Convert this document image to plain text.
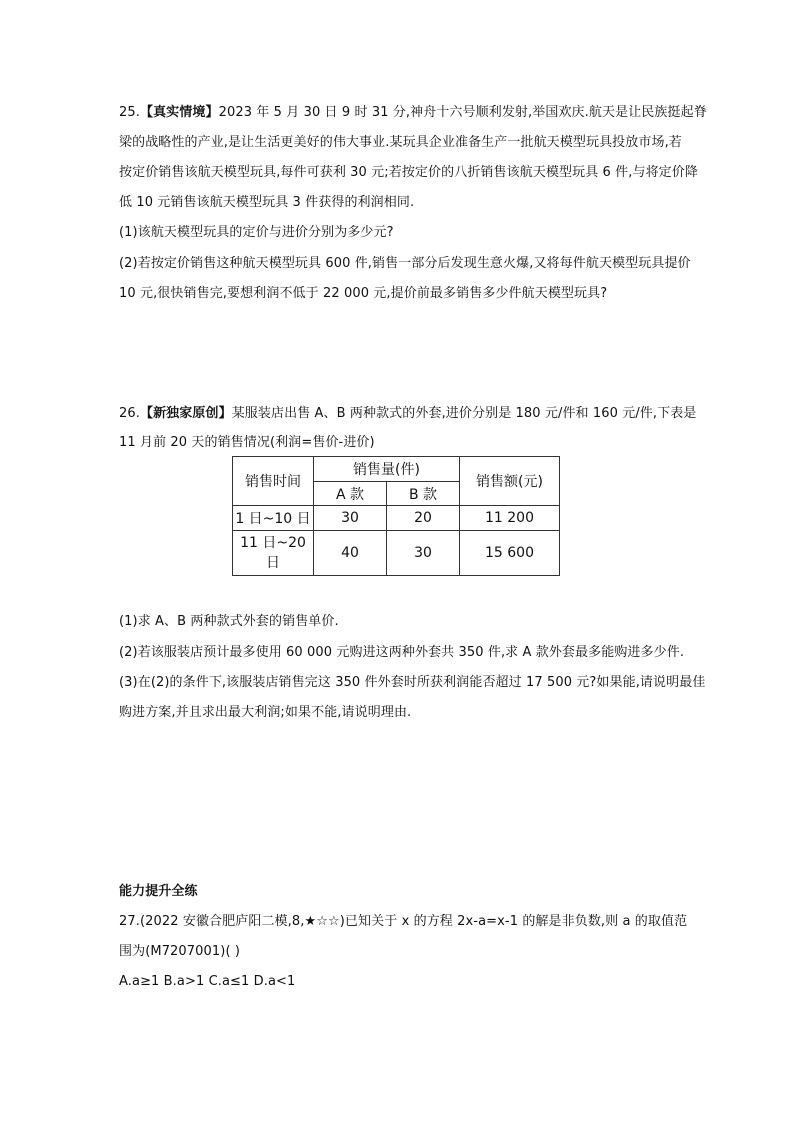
25.【真实情境】2023 年 5 月 30 日 9 时 31 分,神舟十六号顺利发射,举国欢庆.航天是让民族挺起脊
梁的战略性的产业,是让生活更美好的伟大事业.某玩具企业准备生产一批航天模型玩具投放市场,若
按定价销售该航天模型玩具,每件可获利 30 元;若按定价的八折销售该航天模型玩具 6 件,与将定价降
低 10 元销售该航天模型玩具 3 件获得的利润相同.
(1)该航天模型玩具的定价与进价分别为多少元?
(2)若按定价销售这种航天模型玩具 600 件,销售一部分后发现生意火爆,又将每件航天模型玩具提价
10 元,很快销售完,要想利润不低于 22 000 元,提价前最多销售多少件航天模型玩具?
26.【新独家原创】某服装店出售 A、B 两种款式的外套,进价分别是 180 元/件和 160 元/件,下表是
11 月前 20 天的销售情况(利润=售价-进价)
销售时间	销售量(件)		销售额(元)
	A 款	B 款	
1 日~10 日	30	20	11 200

11 日~20
日	40	30	15 600
(1)求 A、B 两种款式外套的销售单价.
(2)若该服装店预计最多使用 60 000 元购进这两种外套共 350 件,求 A 款外套最多能购进多少件.
(3)在(2)的条件下,该服装店销售完这 350 件外套时所获利润能否超过 17 500 元?如果能,请说明最佳
购进方案,并且求出最大利润;如果不能,请说明理由.
能力提升全练
27.(2022 安徽合肥庐阳二模,8,★☆☆)已知关于 x 的方程 2x-a=x-1 的解是非负数,则 a 的取值范
围为(M7207001)( )
A.a≥1 B.a>1 C.a≤1 D.a<1
